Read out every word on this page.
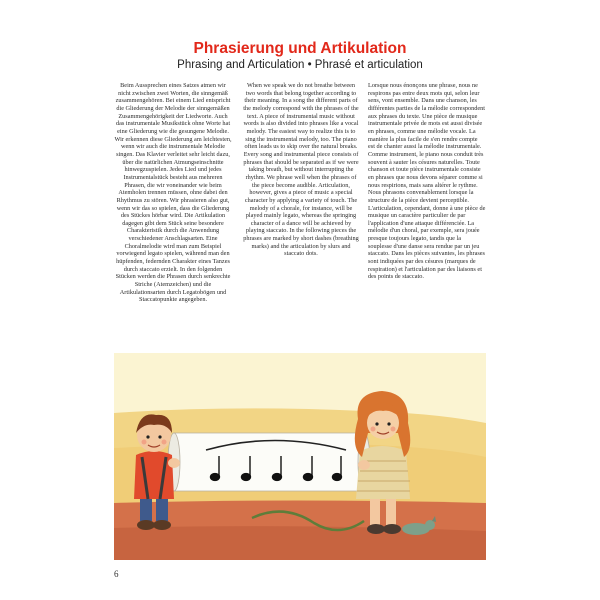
Phrasierung und Artikulation
Phrasing and Articulation • Phrasé et articulation

Beim Aussprechen eines Satzes atmen wir nicht zwischen zwei Worten, die sinngemäß zusammengehören. Bei einem Lied entspricht die Gliederung der Melodie der sinngemäßen Zusammengehörigkeit der Liedworte. Auch das instrumentale Musikstück ohne Worte hat eine Gliederung wie die gesungene Melodie. Wir erkennen diese Gliederung am leichtesten, wenn wir auch die instrumentale Melodie singen. Das Klavier verleitet sehr leicht dazu, über die natürlichen Atmungseinschnitte hinwegzuspielen. Jedes Lied und jedes Instrumentalstück besteht aus mehreren Phrasen, die wir voneinander wie beim Atemholen trennen müssen, ohne dabei den Rhythmus zu stören. Wir phrasieren also gut, wenn wir das so spielen, dass die Gliederung des Stückes hörbar wird. Die Artikulation dagegen gibt dem Stück seine besondere Charakteristik durch die Anwendung verschiedener Anschlagsarten. Eine Choralmelodie wird man zum Beispiel vorwiegend legato spielen, während man den hüpfenden, federnden Charakter eines Tanzes durch staccato erzielt. In den folgenden Stücken werden die Phrasen durch senkrechte Striche (Atemzeichen) und die Artikulationsarten durch Legatobögen und Staccatopunkte angegeben.

When we speak we do not breathe between two words that belong together according to their meaning. In a song the different parts of the melody correspond with the phrases of the text. A piece of instrumental music without words is also divided into phrases like a vocal melody. The easiest way to realize this is to sing the instrumental melody, too. The piano often leads us to skip over the natural breaks. Every song and instrumental piece consists of phrases that should be separated as if we were taking breath, but without interrupting the rhythm. We phrase well when the phrases of the piece become audible. Articulation, however, gives a piece of music a special character by applying a variety of touch. The melody of a chorale, for instance, will be played mainly legato, whereas the springing character of a dance will be achieved by playing staccato. In the following pieces the phrases are marked by short dashes (breathing marks) and the articulation by slurs and staccato dots.

Lorsque nous énonçons une phrase, nous ne respirons pas entre deux mots qui, selon leur sens, vont ensemble. Dans une chanson, les différentes parties de la mélodie correspondent aux phrases du texte. Une pièce de musique instrumentale privée de mots est aussi divisée en phrases, comme une mélodie vocale. La manière la plus facile de s'en rendre compte est de chanter aussi la mélodie instrumentale. Comme instrument, le piano nous conduit très souvent à sauter les césures naturelles. Toute chanson et toute pièce instrumentale consiste en phrases que nous devons séparer comme si nous respirions, mais sans altérer le rythme. Nous phrasons convenablement lorsque la structure de la pièce devient perceptible. L'articulation, cependant, donne à une pièce de musique un caractère particulier de par l'application d'une attaque différenciée. La mélodie d'un choral, par exemple, sera jouée presque toujours legato, tandis que la souplesse d'une danse sera rendue par un jeu staccato. Dans les pièces suivantes, les phrases sont indiquées par des césures (marques de respiration) et l'articulation par des liaisons et des points de staccato.

6
